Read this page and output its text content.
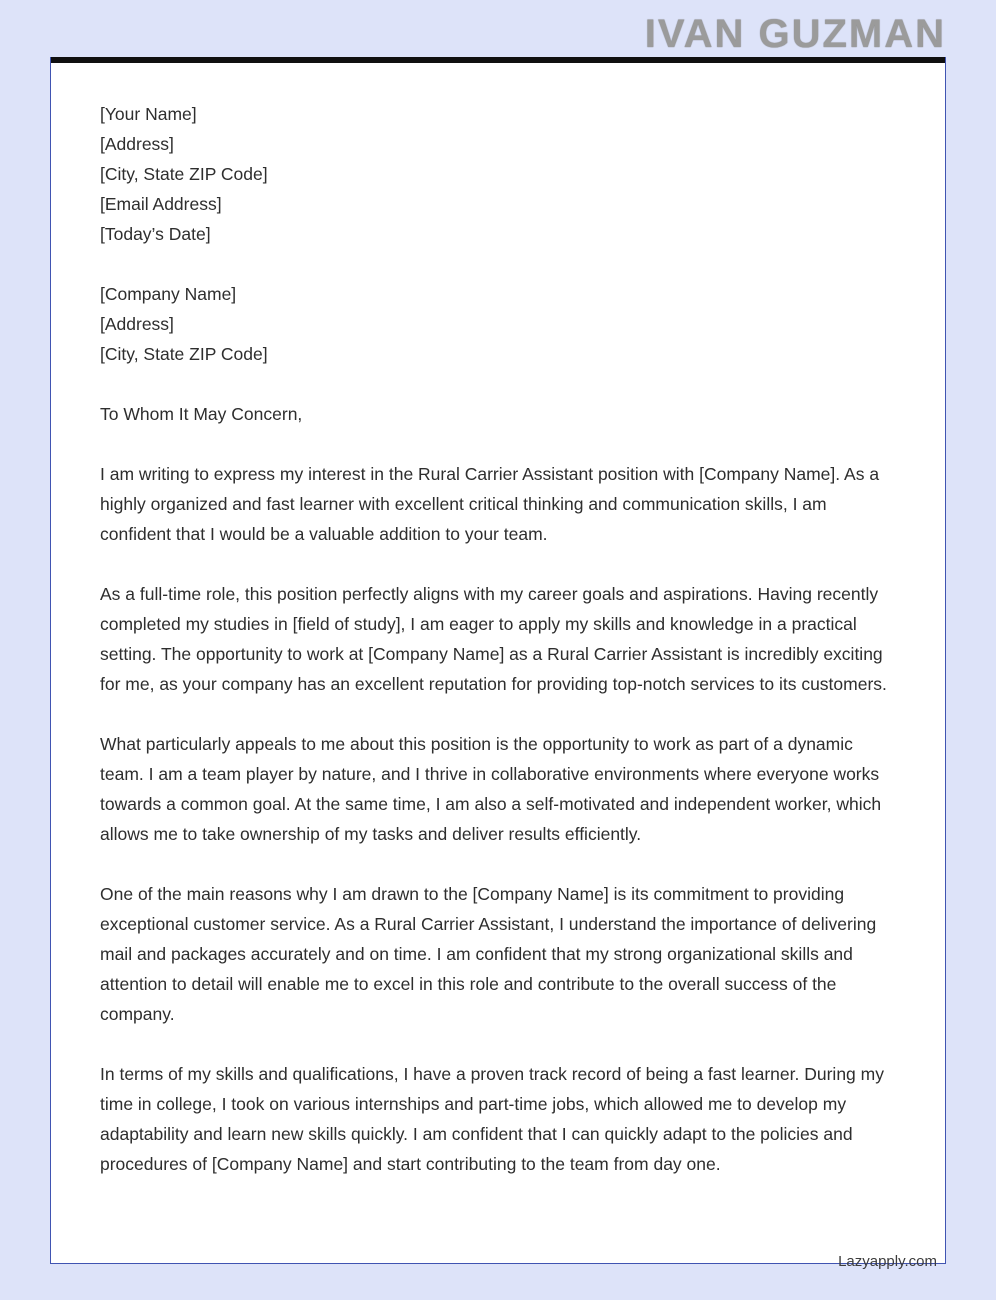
IVAN GUZMAN

[Your Name]

[Address]

[City, State ZIP Code]

[Email Address]

[Today’s Date]

[Company Name]

[Address]

[City, State ZIP Code]

To Whom It May Concern,

I am writing to express my interest in the Rural Carrier Assistant position with [Company Name]. As a highly organized and fast learner with excellent critical thinking and communication skills, I am confident that I would be a valuable addition to your team.

As a full-time role, this position perfectly aligns with my career goals and aspirations. Having recently completed my studies in [field of study], I am eager to apply my skills and knowledge in a practical setting. The opportunity to work at [Company Name] as a Rural Carrier Assistant is incredibly exciting for me, as your company has an excellent reputation for providing top-notch services to its customers.

What particularly appeals to me about this position is the opportunity to work as part of a dynamic team. I am a team player by nature, and I thrive in collaborative environments where everyone works towards a common goal. At the same time, I am also a self-motivated and independent worker, which allows me to take ownership of my tasks and deliver results efficiently.

One of the main reasons why I am drawn to the [Company Name] is its commitment to providing exceptional customer service. As a Rural Carrier Assistant, I understand the importance of delivering mail and packages accurately and on time. I am confident that my strong organizational skills and attention to detail will enable me to excel in this role and contribute to the overall success of the company.

In terms of my skills and qualifications, I have a proven track record of being a fast learner. During my time in college, I took on various internships and part-time jobs, which allowed me to develop my adaptability and learn new skills quickly. I am confident that I can quickly adapt to the policies and procedures of [Company Name] and start contributing to the team from day one.

Lazyapply.com
